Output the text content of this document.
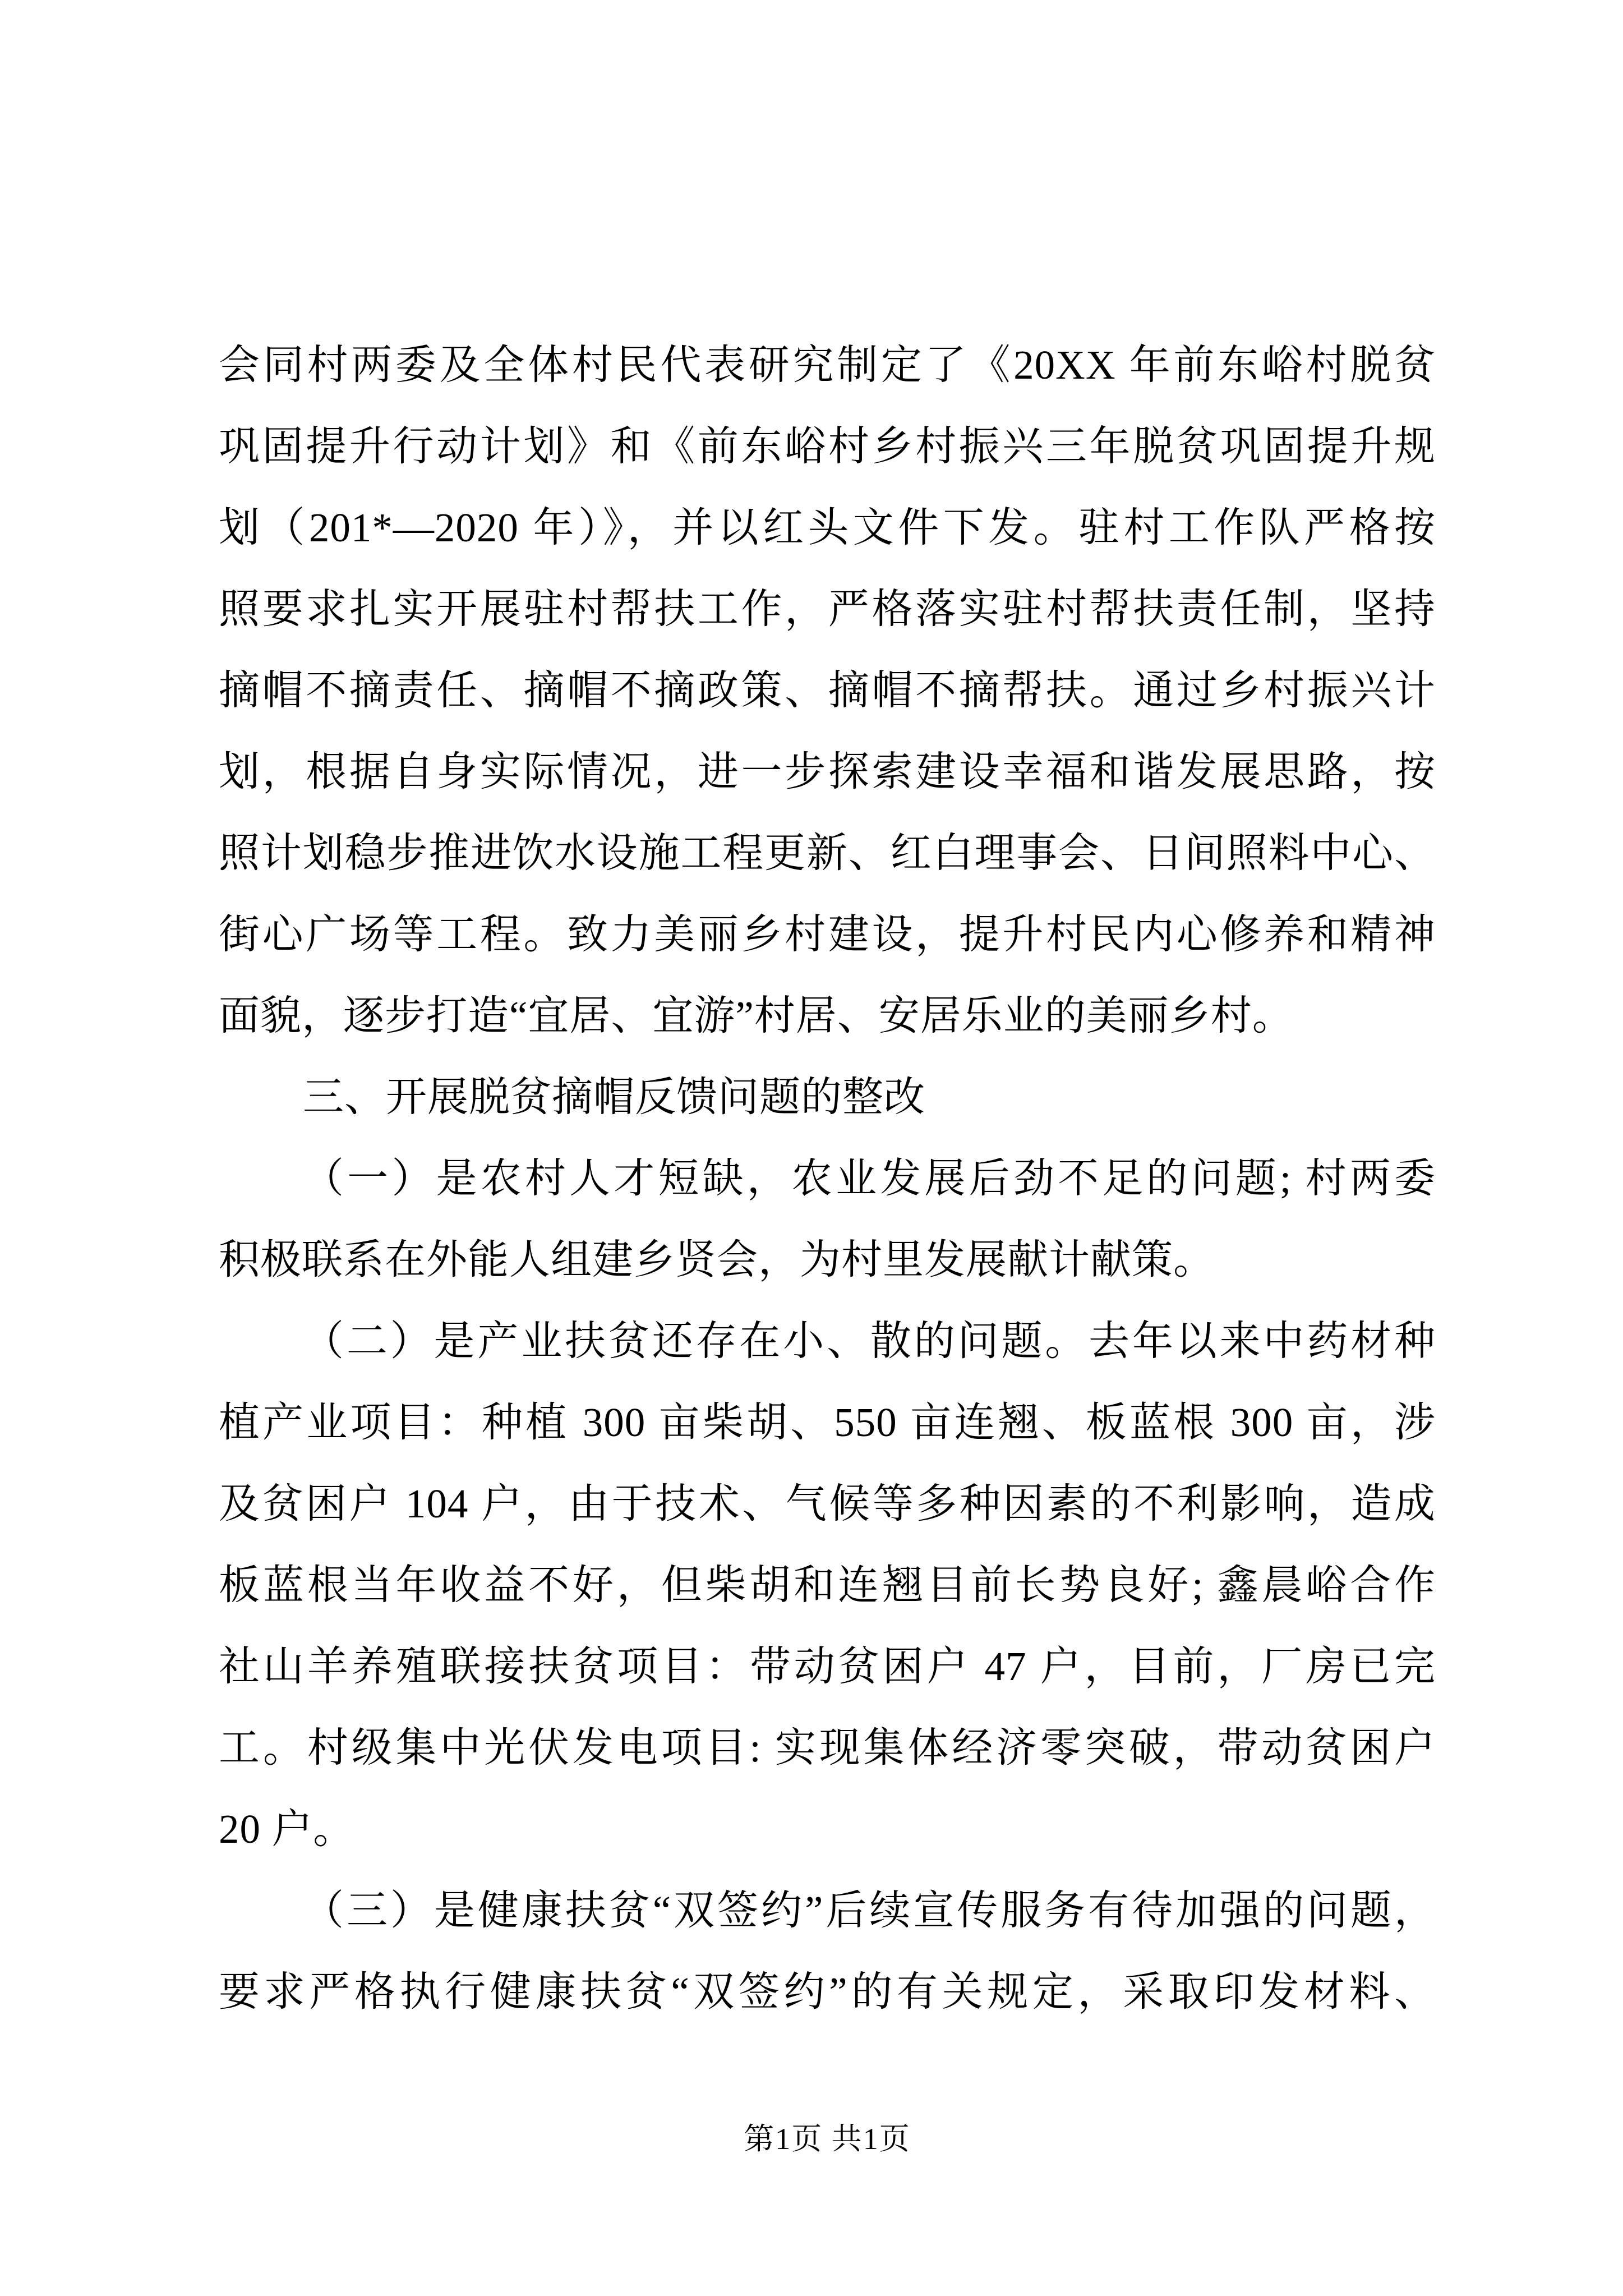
会同村两委及全体村民代表研究制定了《20XX 年前东峪村脱贫
巩固提升行动计划》和《前东峪村乡村振兴三年脱贫巩固提升规
划（201*—2020 年）》，并以红头文件下发。驻村工作队严格按
照要求扎实开展驻村帮扶工作，严格落实驻村帮扶责任制，坚持
摘帽不摘责任、摘帽不摘政策、摘帽不摘帮扶。通过乡村振兴计
划，根据自身实际情况，进一步探索建设幸福和谐发展思路，按
照计划稳步推进饮水设施工程更新、红白理事会、日间照料中心、
街心广场等工程。致力美丽乡村建设，提升村民内心修养和精神
面貌，逐步打造“宜居、宜游”村居、安居乐业的美丽乡村。
三、开展脱贫摘帽反馈问题的整改
（一）是农村人才短缺，农业发展后劲不足的问题; 村两委
积极联系在外能人组建乡贤会，为村里发展献计献策。
（二）是产业扶贫还存在小、散的问题。去年以来中药材种
植产业项目：种植 300 亩柴胡、550 亩连翘、板蓝根 300 亩，涉
及贫困户 104 户，由于技术、气候等多种因素的不利影响，造成
板蓝根当年收益不好，但柴胡和连翘目前长势良好; 鑫晨峪合作
社山羊养殖联接扶贫项目：带动贫困户 47 户，目前，厂房已完
工。村级集中光伏发电项目: 实现集体经济零突破，带动贫困户
20 户。
（三）是健康扶贫“双签约”后续宣传服务有待加强的问题，
要求严格执行健康扶贫“双签约”的有关规定，采取印发材料、
第1页 共1页
